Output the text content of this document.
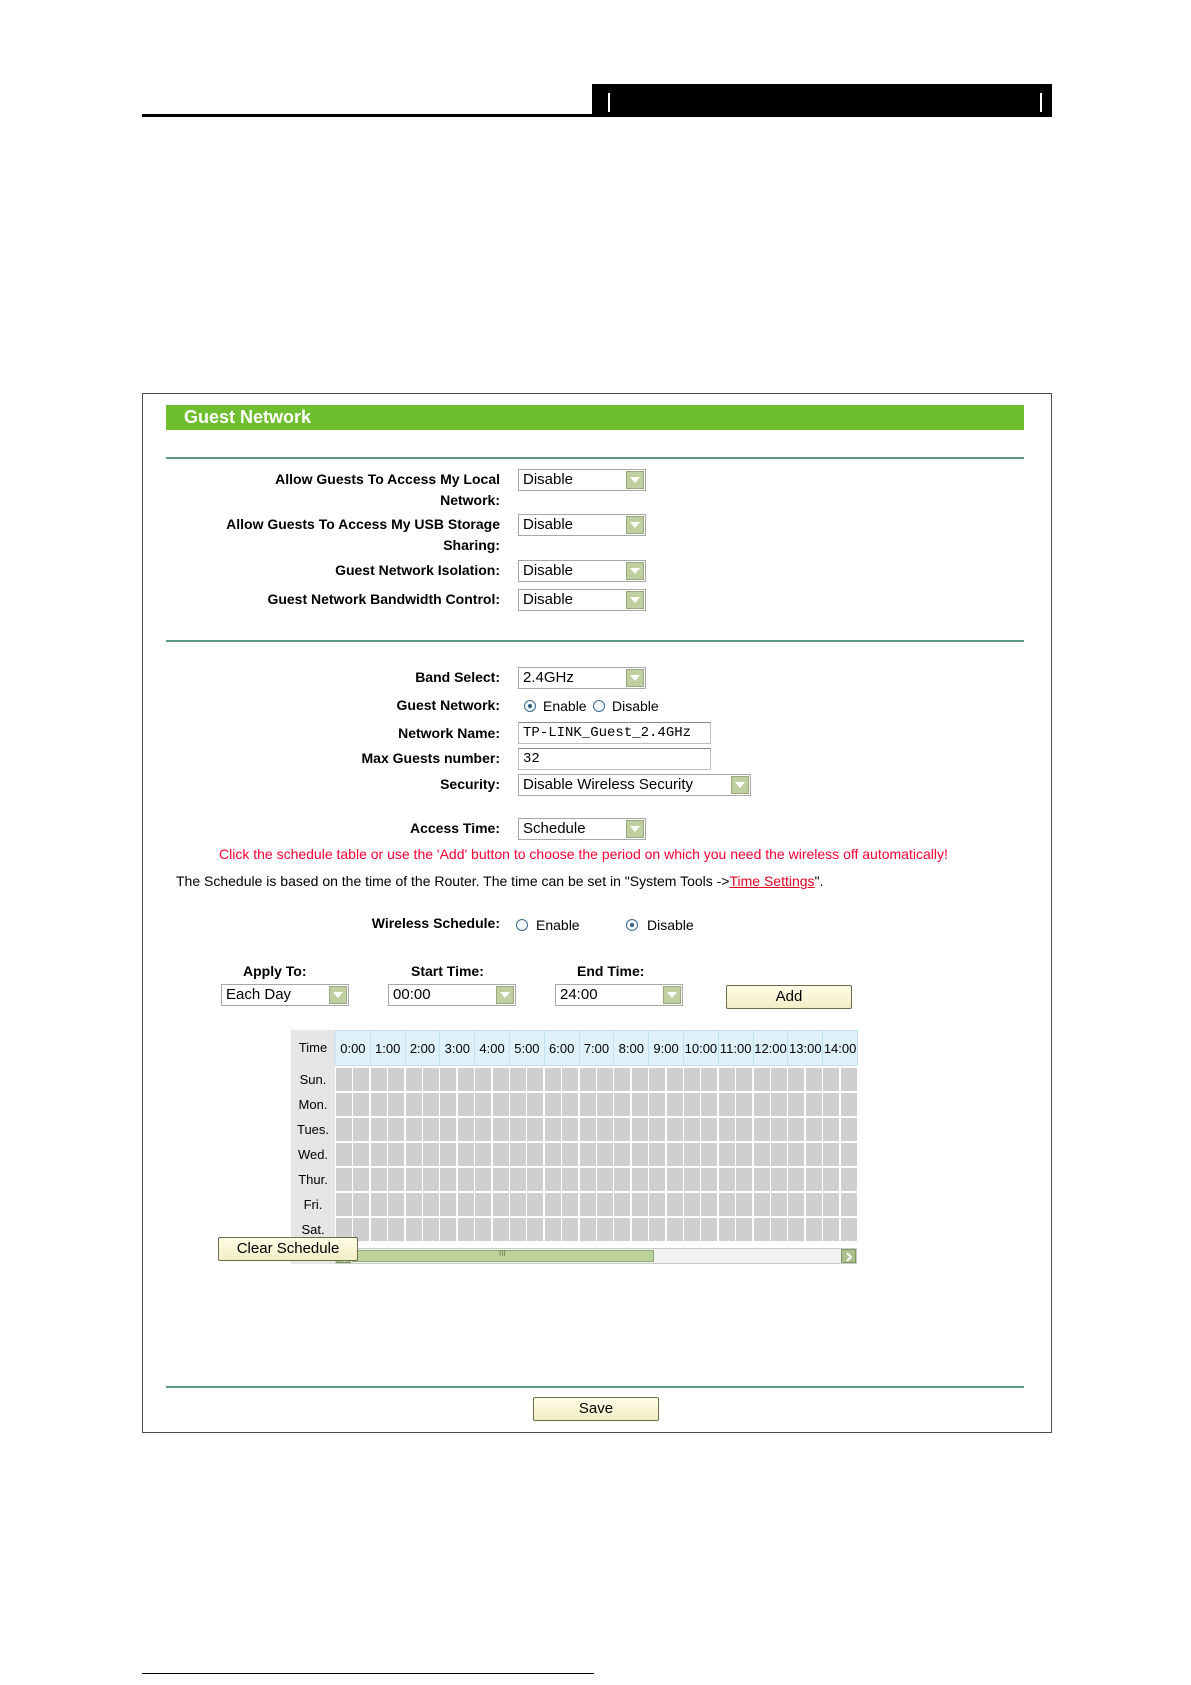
Guest Network
Allow Guests To Access My Local
Network:
Disable
Allow Guests To Access My USB Storage
Sharing:
Disable
Guest Network Isolation:	Disable
Guest Network Bandwidth Control:	Disable
Band Select:	2.4GHz
Guest Network:	Enable Disable
Network Name:	TP-LINK_Guest_2.4GHz
Max Guests number:	32
Security:	Disable Wireless Security
Access Time:	Schedule
Click the schedule table or use the 'Add' button to choose the period on which you need the wireless off automatically!
The Schedule is based on the time of the Router. The time can be set in "System Tools ->Time Settings".
Wireless Schedule:	Enable	Disable
Apply To:	Start Time:	End Time:
Each Day	00:00	24:00	Add
Time	0:00 1:00 2:00 3:00 4:00 5:00 6:00 7:00 8:00 9:00 10:00 11:00 12:00 13:00 14:00
Sun.
Mon.
Tues.
Wed.
Thur.
Fri.
Sat.
III
Clear Schedule
Save
